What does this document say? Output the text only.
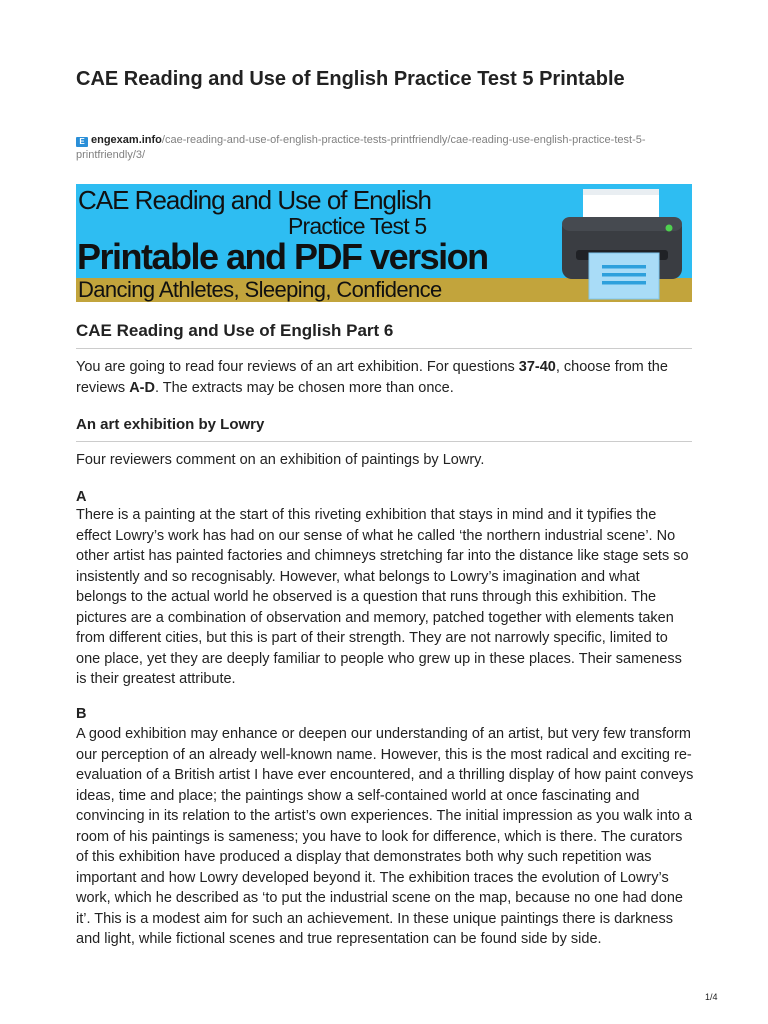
CAE Reading and Use of English Practice Test 5 Printable
E engexam.info/cae-reading-and-use-of-english-practice-tests-printfriendly/cae-reading-use-english-practice-test-5-printfriendly/3/
CAE Reading and Use of English
Practice Test 5
Printable and PDF version
Dancing Athletes, Sleeping, Confidence
CAE Reading and Use of English Part 6

You are going to read four reviews of an art exhibition. For questions 37-40, choose from the reviews A-D. The extracts may be chosen more than once.

An art exhibition by Lowry

Four reviewers comment on an exhibition of paintings by Lowry.

A

There is a painting at the start of this riveting exhibition that stays in mind and it typifies the effect Lowry’s work has had on our sense of what he called ‘the northern industrial scene’. No other artist has painted factories and chimneys stretching far into the distance like stage sets so insistently and so recognisably. However, what belongs to Lowry’s imagination and what belongs to the actual world he observed is a question that runs through this exhibition. The pictures are a combination of observation and memory, patched together with elements taken from different cities, but this is part of their strength. They are not narrowly specific, limited to one place, yet they are deeply familiar to people who grew up in these places. Their sameness is their greatest attribute.

B

A good exhibition may enhance or deepen our understanding of an artist, but very few transform our perception of an already well-known name. However, this is the most radical and exciting re-evaluation of a British artist I have ever encountered, and a thrilling display of how paint conveys ideas, time and place; the paintings show a self-contained world at once fascinating and convincing in its relation to the artist’s own experiences. The initial impression as you walk into a room of his paintings is sameness; you have to look for difference, which is there. The curators of this exhibition have produced a display that demonstrates both why such repetition was important and how Lowry developed beyond it. The exhibition traces the evolution of Lowry’s work, which he described as ‘to put the industrial scene on the map, because no one had done it’. This is a modest aim for such an achievement. In these unique paintings there is darkness and light, while fictional scenes and true representation can be found side by side.

1/4
